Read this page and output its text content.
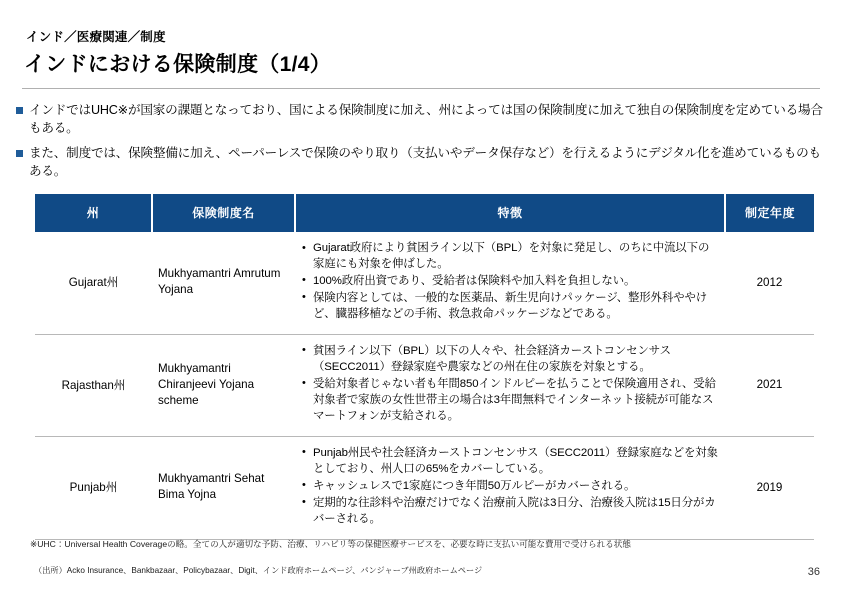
インド／医療関連／制度
インドにおける保険制度（1/4）
インドではUHC※が国家の課題となっており、国による保険制度に加え、州によっては国の保険制度に加えて独自の保険制度を定めている場合もある。
また、制度では、保険整備に加え、ペーパーレスで保険のやり取り（支払いやデータ保存など）を行えるようにデジタル化を進めているものもある。
州	保険制度名	特徴	制定年度
Gujarat州	Mukhyamantri Amrutum Yojana	
• Gujarat政府により貧困ライン以下（BPL）を対象に発足し、のちに中流以下の家庭にも対象を伸ばした。
• 100%政府出資であり、受給者は保険料や加入料を負担しない。
• 保険内容としては、一般的な医薬品、新生児向けパッケージ、整形外科ややけど、臓器移植などの手術、救急救命パッケージなどである。
	2012
Rajasthan州	Mukhyamantri Chiranjeevi Yojana scheme	
• 貧困ライン以下（BPL）以下の人々や、社会経済カーストコンセンサス（SECC2011）登録家庭や農家などの州在住の家族を対象とする。
• 受給対象者じゃない者も年間850インドルピーを払うことで保険適用され、受給対象者で家族の女性世帯主の場合は3年間無料でインターネット接続が可能なスマートフォンが支給される。
	2021
Punjab州	Mukhyamantri Sehat Bima Yojna	
• Punjab州民や社会経済カーストコンセンサス（SECC2011）登録家庭などを対象としており、州人口の65%をカバーしている。
• キャッシュレスで1家庭につき年間50万ルピーがカバーされる。
• 定期的な往診料や治療だけでなく治療前入院は3日分、治療後入院は15日分がカバーされる。
	2019
※UHC：Universal Health Coverageの略。全ての人が適切な予防、治療、リハビリ等の保健医療サービスを、必要な時に支払い可能な費用で受けられる状態
（出所）Acko Insurance、Bankbazaar、Policybazaar、Digit、インド政府ホームページ、パンジャーブ州政府ホームページ	36
